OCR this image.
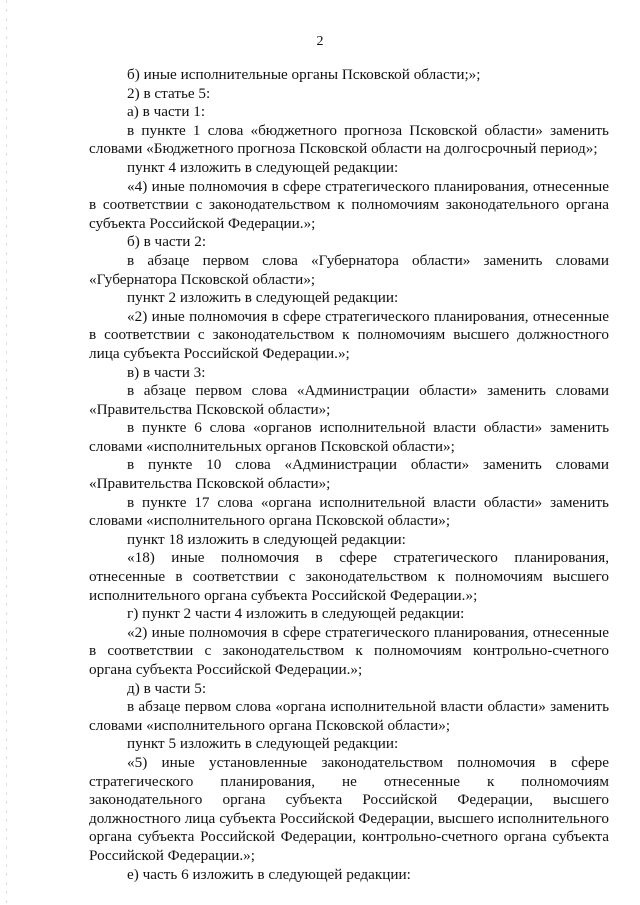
2

б) иные исполнительные органы Псковской области;»;

2) в статье 5:

а) в части 1:

в пункте 1 слова «бюджетного прогноза Псковской области» заменить словами «Бюджетного прогноза Псковской области на долгосрочный период»;

пункт 4 изложить в следующей редакции:

«4) иные полномочия в сфере стратегического планирования, отнесенные в соответствии с законодательством к полномочиям законодательного органа субъекта Российской Федерации.»;

б) в части 2:

в абзаце первом слова «Губернатора области» заменить словами «Губернатора Псковской области»;

пункт 2 изложить в следующей редакции:

«2) иные полномочия в сфере стратегического планирования, отнесенные в соответствии с законодательством к полномочиям высшего должностного лица субъекта Российской Федерации.»;

в) в части 3:

в абзаце первом слова «Администрации области» заменить словами «Правительства Псковской области»;

в пункте 6 слова «органов исполнительной власти области» заменить словами «исполнительных органов Псковской области»;

в пункте 10 слова «Администрации области» заменить словами «Правительства Псковской области»;

в пункте 17 слова «органа исполнительной власти области» заменить словами «исполнительного органа Псковской области»;

пункт 18 изложить в следующей редакции:

«18) иные полномочия в сфере стратегического планирования, отнесенные в соответствии с законодательством к полномочиям высшего исполнительного органа субъекта Российской Федерации.»;

г) пункт 2 части 4 изложить в следующей редакции:

«2) иные полномочия в сфере стратегического планирования, отнесенные в соответствии с законодательством к полномочиям контрольно-счетного органа субъекта Российской Федерации.»;

д) в части 5:

в абзаце первом слова «органа исполнительной власти области» заменить словами «исполнительного органа Псковской области»;

пункт 5 изложить в следующей редакции:

«5) иные установленные законодательством полномочия в сфере стратегического планирования, не отнесенные к полномочиям законодательного органа субъекта Российской Федерации, высшего должностного лица субъекта Российской Федерации, высшего исполнительного органа субъекта Российской Федерации, контрольно-счетного органа субъекта Российской Федерации.»;

е) часть 6 изложить в следующей редакции:
